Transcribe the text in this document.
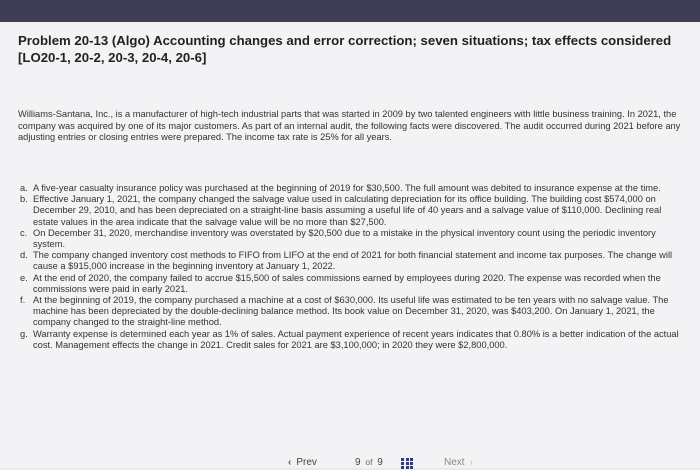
Problem 20-13 (Algo) Accounting changes and error correction; seven situations; tax effects considered [LO20-1, 20-2, 20-3, 20-4, 20-6]

Williams-Santana, Inc., is a manufacturer of high-tech industrial parts that was started in 2009 by two talented engineers with little business training. In 2021, the company was acquired by one of its major customers. As part of an internal audit, the following facts were discovered. The audit occurred during 2021 before any adjusting entries or closing entries were prepared. The income tax rate is 25% for all years.

a. A five-year casualty insurance policy was purchased at the beginning of 2019 for $30,500. The full amount was debited to insurance expense at the time.
b. Effective January 1, 2021, the company changed the salvage value used in calculating depreciation for its office building. The building cost $574,000 on December 29, 2010, and has been depreciated on a straight-line basis assuming a useful life of 40 years and a salvage value of $110,000. Declining real estate values in the area indicate that the salvage value will be no more than $27,500.
c. On December 31, 2020, merchandise inventory was overstated by $20,500 due to a mistake in the physical inventory count using the periodic inventory system.
d. The company changed inventory cost methods to FIFO from LIFO at the end of 2021 for both financial statement and income tax purposes. The change will cause a $915,000 increase in the beginning inventory at January 1, 2022.
e. At the end of 2020, the company failed to accrue $15,500 of sales commissions earned by employees during 2020. The expense was recorded when the commissions were paid in early 2021.
f. At the beginning of 2019, the company purchased a machine at a cost of $630,000. Its useful life was estimated to be ten years with no salvage value. The machine has been depreciated by the double-declining balance method. Its book value on December 31, 2020, was $403,200. On January 1, 2021, the company changed to the straight-line method.
g. Warranty expense is determined each year as 1% of sales. Actual payment experience of recent years indicates that 0.80% is a better indication of the actual cost. Management effects the change in 2021. Credit sales for 2021 are $3,100,000; in 2020 they were $2,800,000.
‹ Prev	9 of 9	Next ›
